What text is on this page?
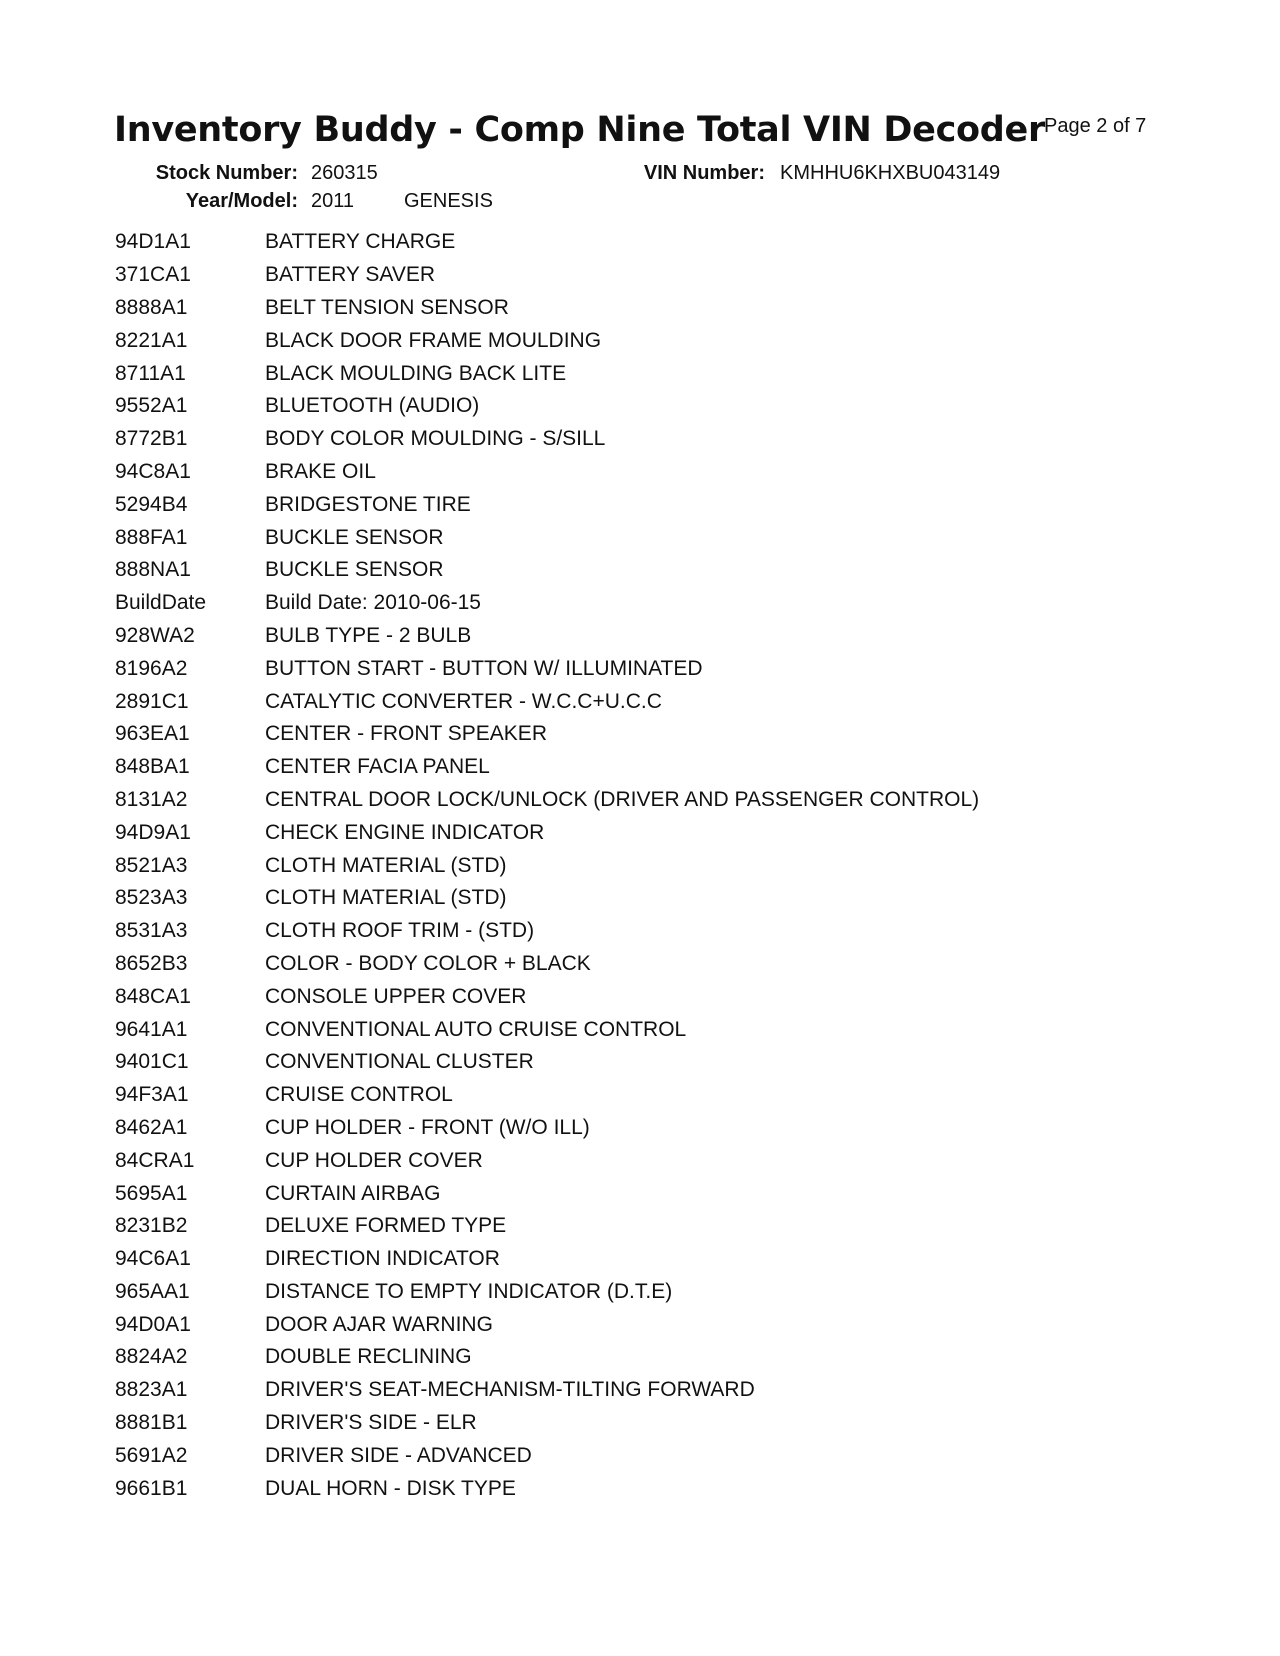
Inventory Buddy - Comp Nine Total VIN Decoder Page 2 of 7
Stock Number: 260315
Year/Model: 2011 GENESIS
VIN Number: KMHHU6KHXBU043149
94D1A1	BATTERY CHARGE
371CA1	BATTERY SAVER
8888A1	BELT TENSION SENSOR
8221A1	BLACK DOOR FRAME MOULDING
8711A1	BLACK MOULDING BACK LITE
9552A1	BLUETOOTH (AUDIO)
8772B1	BODY COLOR MOULDING - S/SILL
94C8A1	BRAKE OIL
5294B4	BRIDGESTONE TIRE
888FA1	BUCKLE SENSOR
888NA1	BUCKLE SENSOR
BuildDate	Build Date: 2010-06-15
928WA2	BULB TYPE - 2 BULB
8196A2	BUTTON START - BUTTON W/ ILLUMINATED
2891C1	CATALYTIC CONVERTER - W.C.C+U.C.C
963EA1	CENTER - FRONT SPEAKER
848BA1	CENTER FACIA PANEL
8131A2	CENTRAL DOOR LOCK/UNLOCK (DRIVER AND PASSENGER CONTROL)
94D9A1	CHECK ENGINE INDICATOR
8521A3	CLOTH MATERIAL (STD)
8523A3	CLOTH MATERIAL (STD)
8531A3	CLOTH ROOF TRIM - (STD)
8652B3	COLOR - BODY COLOR + BLACK
848CA1	CONSOLE UPPER COVER
9641A1	CONVENTIONAL AUTO CRUISE CONTROL
9401C1	CONVENTIONAL CLUSTER
94F3A1	CRUISE CONTROL
8462A1	CUP HOLDER - FRONT (W/O ILL)
84CRA1	CUP HOLDER COVER
5695A1	CURTAIN AIRBAG
8231B2	DELUXE FORMED TYPE
94C6A1	DIRECTION INDICATOR
965AA1	DISTANCE TO EMPTY INDICATOR (D.T.E)
94D0A1	DOOR AJAR WARNING
8824A2	DOUBLE RECLINING
8823A1	DRIVER'S SEAT-MECHANISM-TILTING FORWARD
8881B1	DRIVER'S SIDE - ELR
5691A2	DRIVER SIDE - ADVANCED
9661B1	DUAL HORN - DISK TYPE
